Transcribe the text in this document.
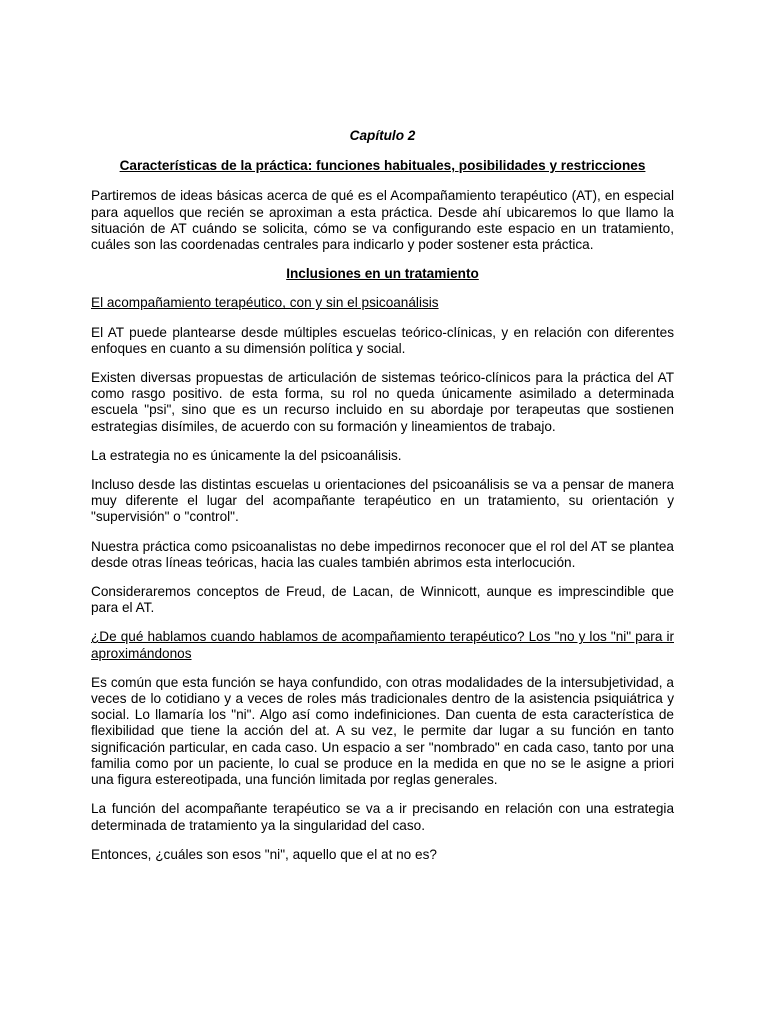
Capítulo 2

Características de la práctica: funciones habituales, posibilidades y restricciones

Partiremos de ideas básicas acerca de qué es el Acompañamiento terapéutico (AT), en especial para aquellos que recién se aproximan a esta práctica. Desde ahí ubicaremos lo que llamo la situación de AT cuándo se solicita, cómo se va configurando este espacio en un tratamiento, cuáles son las coordenadas centrales para indicarlo y poder sostener esta práctica.

Inclusiones en un tratamiento

El acompañamiento terapéutico, con y sin el psicoanálisis

El AT puede plantearse desde múltiples escuelas teórico-clínicas, y en relación con diferentes enfoques en cuanto a su dimensión política y social.

Existen diversas propuestas de articulación de sistemas teórico-clínicos para la práctica del AT como rasgo positivo. de esta forma, su rol no queda únicamente asimilado a determinada escuela "psi", sino que es un recurso incluido en su abordaje por terapeutas que sostienen estrategias disímiles, de acuerdo con su formación y lineamientos de trabajo.

La estrategia no es únicamente la del psicoanálisis.

Incluso desde las distintas escuelas u orientaciones del psicoanálisis se va a pensar de manera muy diferente el lugar del acompañante terapéutico en un tratamiento, su orientación y "supervisión" o "control".

Nuestra práctica como psicoanalistas no debe impedirnos reconocer que el rol del AT se plantea desde otras líneas teóricas, hacia las cuales también abrimos esta interlocución.

Consideraremos conceptos de Freud, de Lacan, de Winnicott, aunque es imprescindible que para el AT.

¿De qué hablamos cuando hablamos de acompañamiento terapéutico? Los "no y los "ni" para ir aproximándonos

Es común que esta función se haya confundido, con otras modalidades de la intersubjetividad, a veces de lo cotidiano y a veces de roles más tradicionales dentro de la asistencia psiquiátrica y social. Lo llamaría los "ni". Algo así como indefiniciones. Dan cuenta de esta característica de flexibilidad que tiene la acción del at. A su vez, le permite dar lugar a su función en tanto significación particular, en cada caso. Un espacio a ser "nombrado" en cada caso, tanto por una familia como por un paciente, lo cual se produce en la medida en que no se le asigne a priori una figura estereotipada, una función limitada por reglas generales.

La función del acompañante terapéutico se va a ir precisando en relación con una estrategia determinada de tratamiento ya la singularidad del caso.

Entonces, ¿cuáles son esos "ni", aquello que el at no es?
